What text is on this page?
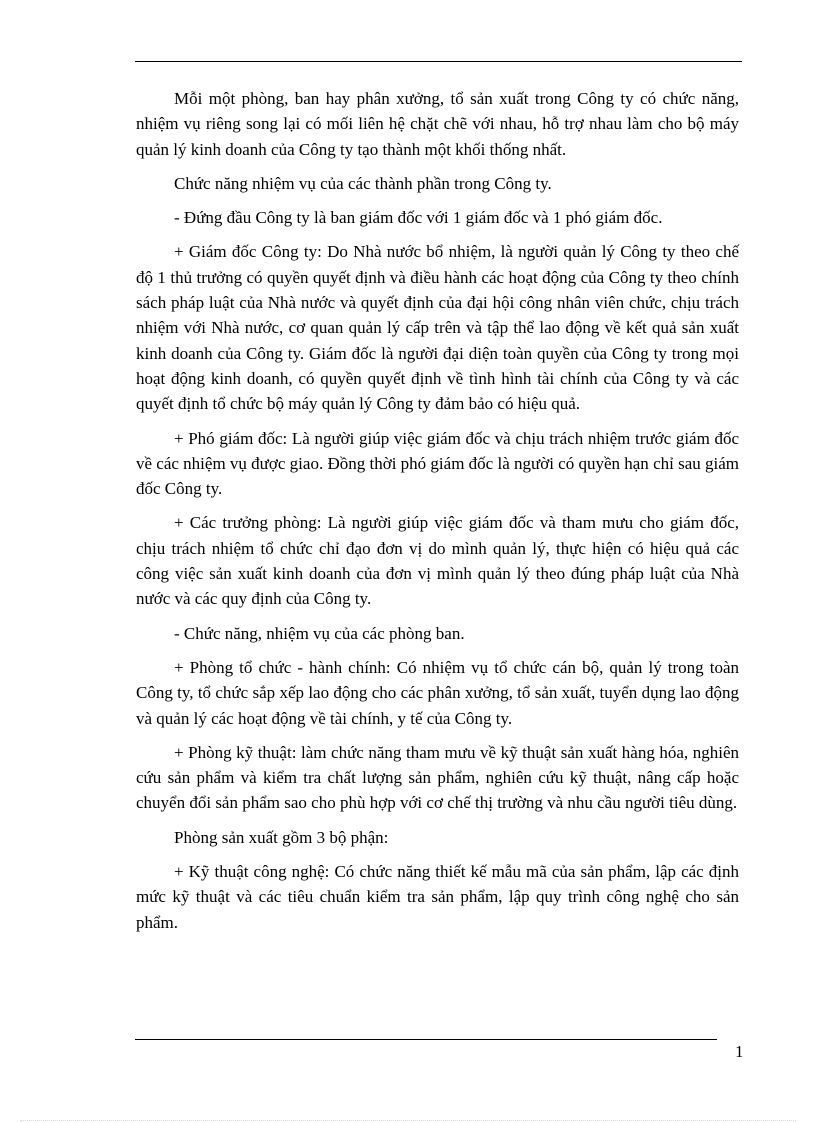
Mỗi một phòng, ban hay phân xưởng, tổ sản xuất trong Công ty có chức năng, nhiệm vụ riêng song lại có mối liên hệ chặt chẽ với nhau, hỗ trợ nhau làm cho bộ máy quản lý kinh doanh của Công ty tạo thành một khối thống nhất.

Chức năng nhiệm vụ của các thành phần trong Công ty.

- Đứng đầu Công ty là ban giám đốc với 1 giám đốc và 1 phó giám đốc.

+ Giám đốc Công ty: Do Nhà nước bổ nhiệm, là người quản lý Công ty theo chế độ 1 thủ trưởng có quyền quyết định và điều hành các hoạt động của Công ty theo chính sách pháp luật của Nhà nước và quyết định của đại hội công nhân viên chức, chịu trách nhiệm với Nhà nước, cơ quan quản lý cấp trên và tập thể lao động về kết quả sản xuất kinh doanh của Công ty. Giám đốc là người đại diện toàn quyền của Công ty trong mọi hoạt động kinh doanh, có quyền quyết định về tình hình tài chính của Công ty và các quyết định tổ chức bộ máy quản lý Công ty đảm bảo có hiệu quả.

+ Phó giám đốc: Là người giúp việc giám đốc và chịu trách nhiệm trước giám đốc về các nhiệm vụ được giao. Đồng thời phó giám đốc là người có quyền hạn chỉ sau giám đốc Công ty.

+ Các trưởng phòng: Là người giúp việc giám đốc và tham mưu cho giám đốc, chịu trách nhiệm tổ chức chỉ đạo đơn vị do mình quản lý, thực hiện có hiệu quả các công việc sản xuất kinh doanh của đơn vị mình quản lý theo đúng pháp luật của Nhà nước và các quy định của Công ty.

- Chức năng, nhiệm vụ của các phòng ban.

+ Phòng tổ chức - hành chính: Có nhiệm vụ tổ chức cán bộ, quản lý trong toàn Công ty, tổ chức sắp xếp lao động cho các phân xưởng, tổ sản xuất, tuyển dụng lao động và quản lý các hoạt động về tài chính, y tế của Công ty.

+ Phòng kỹ thuật: làm chức năng tham mưu về kỹ thuật sản xuất hàng hóa, nghiên cứu sản phẩm và kiểm tra chất lượng sản phẩm, nghiên cứu kỹ thuật, nâng cấp hoặc chuyển đổi sản phẩm sao cho phù hợp với cơ chế thị trường và nhu cầu người tiêu dùng.

Phòng sản xuất gồm 3 bộ phận:

+ Kỹ thuật công nghệ: Có chức năng thiết kế mẫu mã của sản phẩm, lập các định mức kỹ thuật và các tiêu chuẩn kiểm tra sản phẩm, lập quy trình công nghệ cho sản phẩm.

1
